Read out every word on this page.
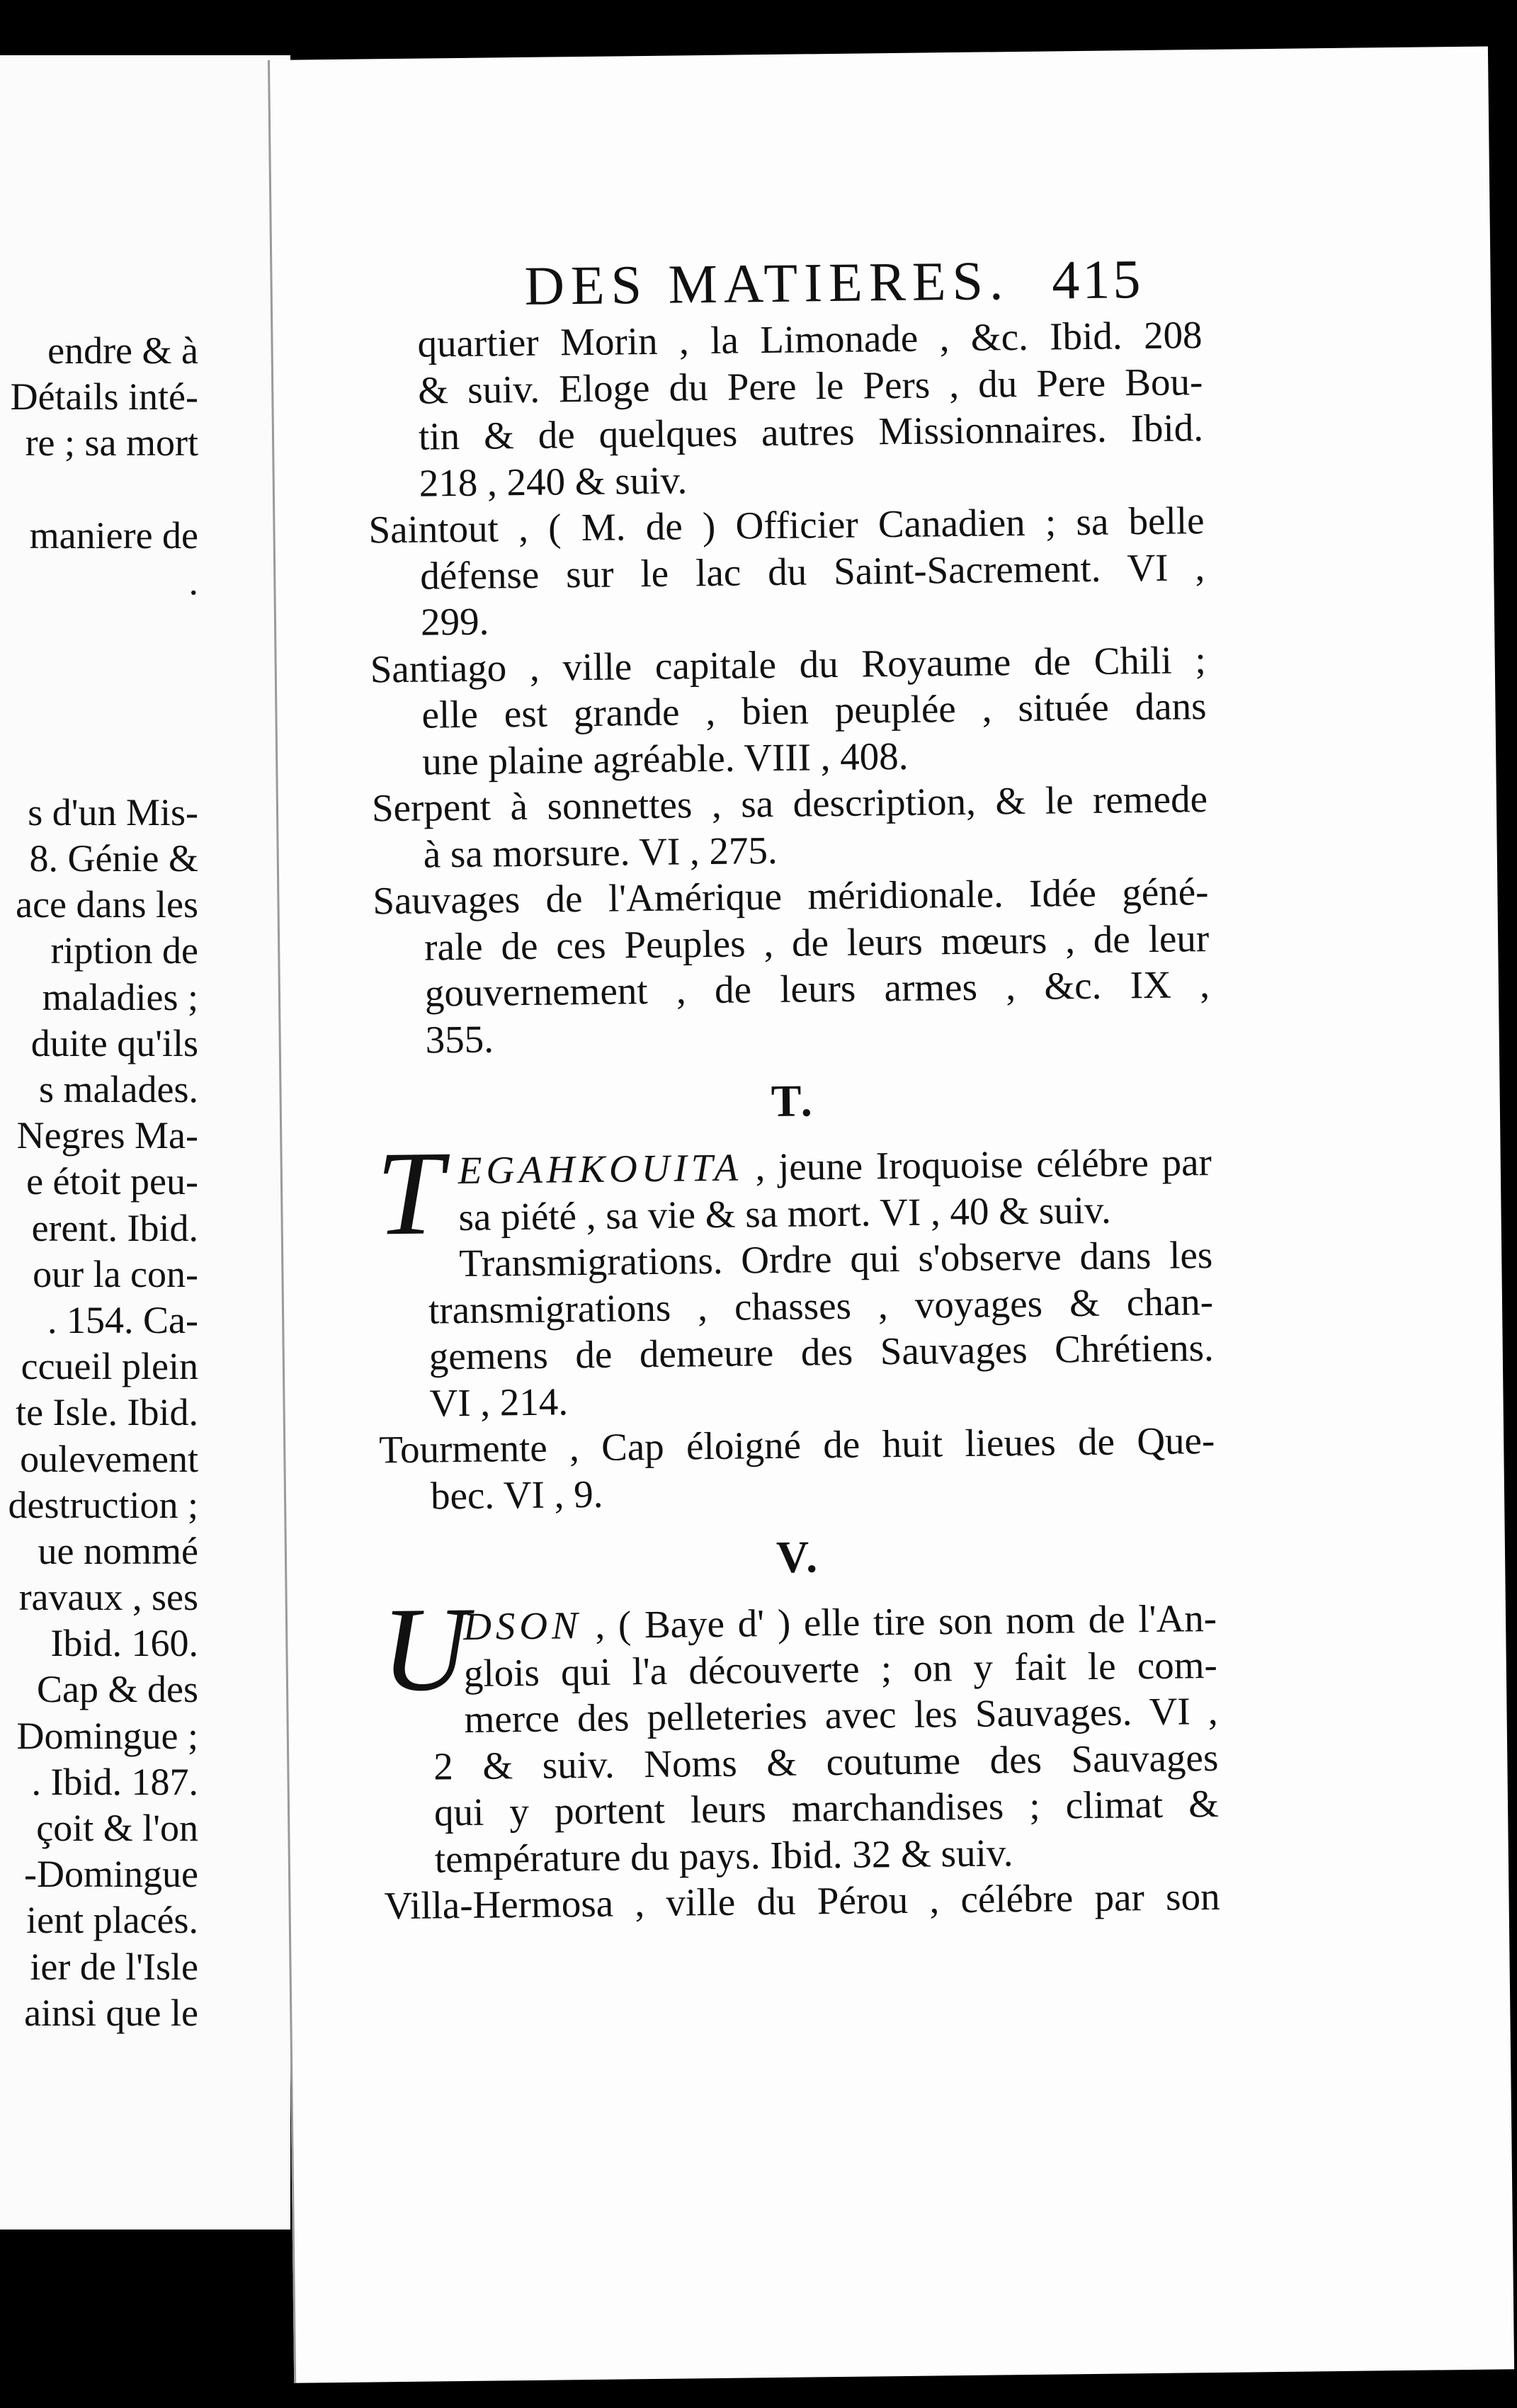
endre & à
Détails inté-
re ; sa mort
maniere de
.
s d'un Mis-
8. Génie &
ace dans les
ription de
maladies ;
duite qu'ils
s malades.
Negres Ma-
e étoit peu-
erent. Ibid.
our la con-
. 154. Ca-
ccueil plein
te Isle. Ibid.
oulevement
destruction ;
ue nommé
ravaux , ses
Ibid. 160.
Cap & des
Domingue ;
. Ibid. 187.
çoit & l'on
-Domingue
ient placés.
ier de l'Isle
ainsi que le
DES MATIERES. 415
quartier Morin , la Limonade , &c. Ibid. 208
& suiv. Eloge du Pere le Pers , du Pere Bou-
tin & de quelques autres Missionnaires. Ibid.
218 , 240 & suiv.
Saintout , ( M. de ) Officier Canadien ; sa belle
défense sur le lac du Saint-Sacrement. VI ,
299.
Santiago , ville capitale du Royaume de Chili ;
elle est grande , bien peuplée , située dans
une plaine agréable. VIII , 408.
Serpent à sonnettes , sa description, & le remede
à sa morsure. VI , 275.
Sauvages de l'Amérique méridionale. Idée géné-
rale de ces Peuples , de leurs mœurs , de leur
gouvernement , de leurs armes , &c. IX ,
355.
T.
TEGAHKOUITA , jeune Iroquoise célébre par
sa piété , sa vie & sa mort. VI , 40 & suiv.
Transmigrations. Ordre qui s'observe dans les
transmigrations , chasses , voyages & chan-
gemens de demeure des Sauvages Chrétiens.
VI , 214.
Tourmente , Cap éloigné de huit lieues de Que-
bec. VI , 9.
V.
U
DSON , ( Baye d' ) elle tire son nom de l'An-
glois qui l'a découverte ; on y fait le com-
merce des pelleteries avec les Sauvages. VI ,
2 & suiv. Noms & coutume des Sauvages
qui y portent leurs marchandises ; climat &
température du pays. Ibid. 32 & suiv.
Villa-Hermosa , ville du Pérou , célébre par son
